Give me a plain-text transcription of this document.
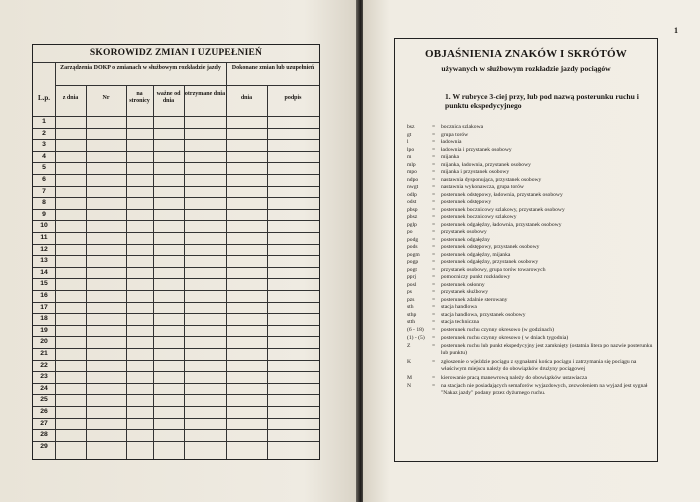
SKOROWIDZ ZMIAN I UZUPEŁNIEŃ
L.p.
Zarządzenia DOKP o zmianach w służbowym rozkładzie jazdy	Dokonane zmian lub uzupełnień
z dnia	Nr
na stronicy
ważne od dnia
otrzymane dnia
dnia	podpis
1
2
3
4
5
6
7
8
9
10
11
12
13
14
15
16
17
18
19
20
21
22
23
24
25
26
27
28
29
1
OBJAŚNIENIA ZNAKÓW I SKRÓTÓW
używanych w służbowym rozkładzie jazdy pociągów
1. W rubryce 3-ciej przy, lub pod nazwą posterunku ruchu i punktu ekspedycyjnego
bsz	= bocznica szlakowa
gt	= grupa torów
l	= ładownia
lpo	= ładownia i przystanek osobowy
m	= mijanka
mlp	= mijanka, ładownia, przystanek osobowy
mpo	= mijanka i przystanek osobowy
ndpo	= nastawnia dysponująca, przystanek osobowy
nwgt	= nastawnia wykonawcza, grupa torów
odlp	= posterunek odstępowy, ładownia, przystanek osobowy
odst	= posterunek odstępowy
pbsp	= posterunek bocznicowy szlakowy, przystanek osobowy
pbsz	= posterunek bocznicowy szlakowy
pglp	= posterunek odgałęźny, ładownia, przystanek osobowy
po	= przystanek osobowy
podg	= posterunek odgałęźny
pods	= posterunek odstępowy, przystanek osobowy
pogm	= posterunek odgałęźny, mijanka
pogp	= posterunek odgałęźny, przystanek osobowy
pogt	= przystanek osobowy, grupa torów towarowych
pprj	= pomocniczy punkt rozkładowy
posl	= posterunek osłonny
ps	= przystanek służbowy
pzs	= posterunek zdalnie sterowany
sth	= stacja handlowa
sthp	= stacja handlowa, przystanek osobowy
stth	= stacja techniczna
(6 - 18)	= posterunek ruchu czynny okresowo (w godzinach)
(1) - (5)	= posterunek ruchu czynny okresowo ( w dniach tygodnia)
Z	= posterunek ruchu lub punkt ekspedycyjny jest zamknięty (ostatnia litera po nazwie posterunku lub punktu)
K	= zgłoszenie o wjeździe pociągu z sygnałami końca pociągu i zatrzymania się pociągu na właściwym miejscu należy do obowiązków drużyny pociągowej
M	= kierowanie pracą manewrową należy do obowiązków ustawiacza
N	= na stacjach nie posiadających semaforów wyjazdowych, zezwoleniem na wyjazd jest sygnał "Nakaz jazdy" podany przez dyżurnego ruchu.
